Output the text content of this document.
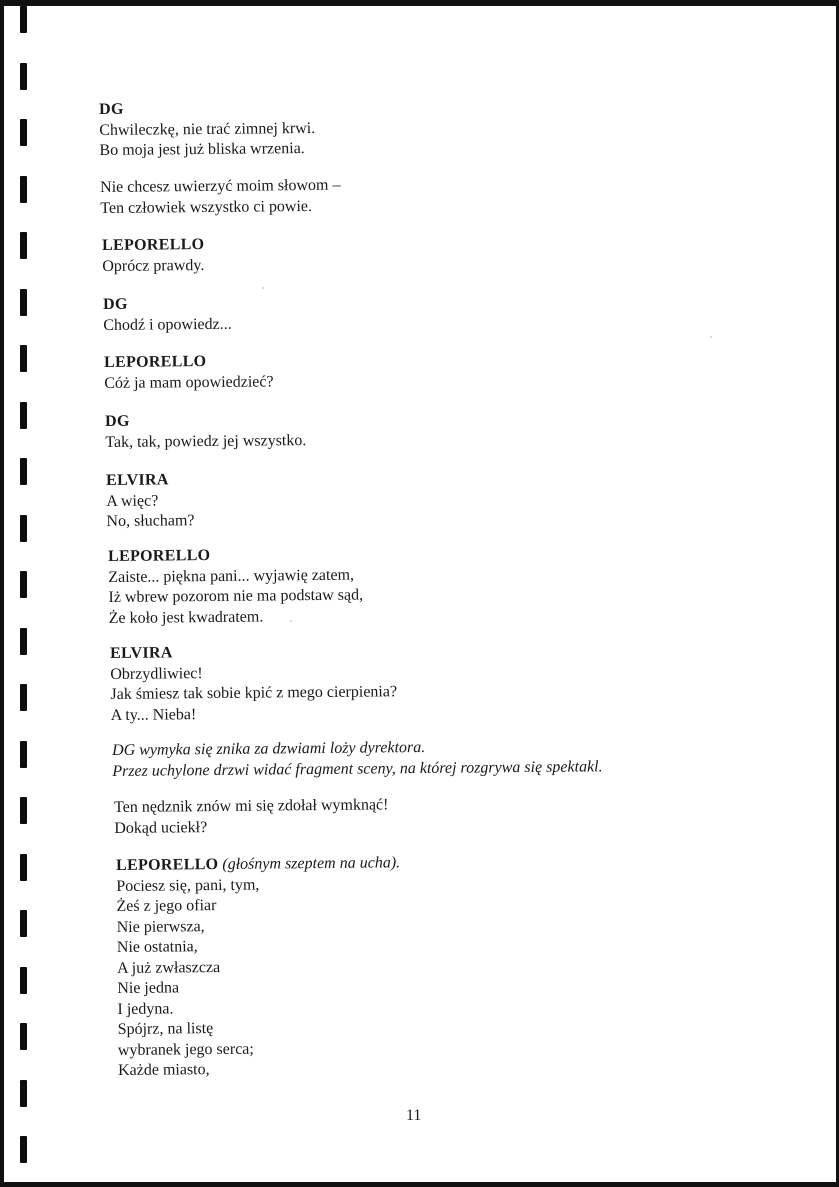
DG
Chwileczkę, nie trać zimnej krwi.
Bo moja jest już bliska wrzenia.
Nie chcesz uwierzyć moim słowom –
Ten człowiek wszystko ci powie.
LEPORELLO
Oprócz prawdy.
DG
Chodź i opowiedz...
LEPORELLO
Cóż ja mam opowiedzieć?
DG
Tak, tak, powiedz jej wszystko.
ELVIRA
A więc?
No, słucham?
LEPORELLO
Zaiste... piękna pani... wyjawię zatem,
Iż wbrew pozorom nie ma podstaw sąd,
Że koło jest kwadratem.
ELVIRA
Obrzydliwiec!
Jak śmiesz tak sobie kpić z mego cierpienia?
A ty... Nieba!
DG wymyka się znika za dzwiami loży dyrektora.
Przez uchylone drzwi widać fragment sceny, na której rozgrywa się spektakl.
Ten nędznik znów mi się zdołał wymknąć!
Dokąd uciekł?
LEPORELLO (głośnym szeptem na ucha).
Pociesz się, pani, tym,
Żeś z jego ofiar
Nie pierwsza,
Nie ostatnia,
A już zwłaszcza
Nie jedna
I jedyna.
Spójrz, na listę
wybranek jego serca;
Każde miasto,
11
